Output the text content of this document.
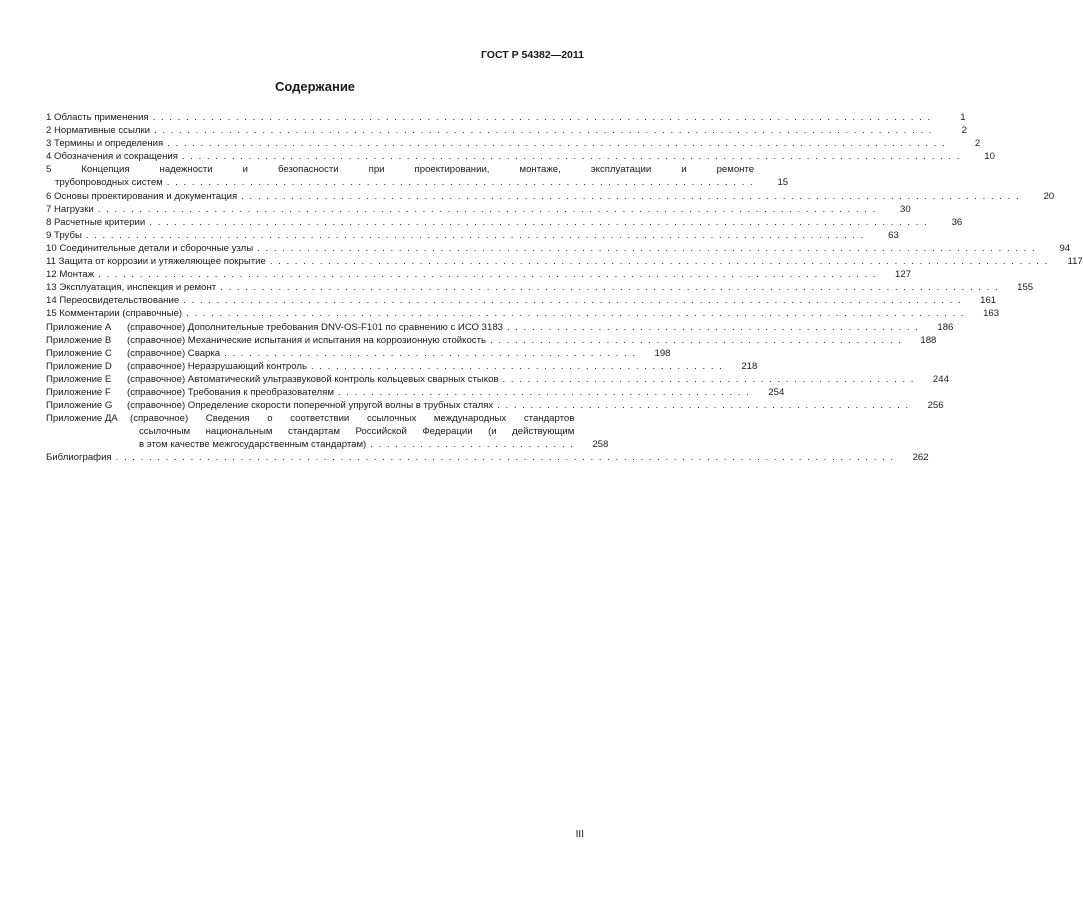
ГОСТ Р 54382—2011
Содержание
1 Область применения . . .	1
2 Нормативные ссылки . . .	2
3 Термины и определения . . .	2
4 Обозначения и сокращения . . .	10
5 Концепция надежности и безопасности при проектировании, монтаже, эксплуатации и ремонте
трубопроводных систем . . .	15
6 Основы проектирования и документация . . .	20
7 Нагрузки . . .	30
8 Расчетные критерии . . .	36
9 Трубы . . .	63
10 Соединительные детали и сборочные узлы . . .	94
11 Защита от коррозии и утяжеляющее покрытие . . .	117
12 Монтаж . . .	127
13 Эксплуатация, инспекция и ремонт . . .	155
14 Переосвидетельствование . . .	161
15 Комментарии (справочные) . . .	163
Приложение А	(справочное) Дополнительные требования DNV-OS-F101 по сравнению с ИСО 3183 . . .	186
Приложение В	(справочное) Механические испытания и испытания на коррозионную стойкость . . .	188
Приложение С	(справочное) Сварка . . .	198
Приложение D	(справочное) Неразрушающий контроль . . .	218
Приложение Е	(справочное) Автоматический ультразвуковой контроль кольцевых сварных стыков . . .	244
Приложение F	(справочное) Требования к преобразователям . . .	254
Приложение G	(справочное) Определение скорости поперечной упругой волны в трубных сталях . . .	256
Приложение ДА	(справочное) Сведения о соответствии ссылочных международных стандартов
ссылочным национальным стандартам Российской Федерации (и действующим
в этом качестве межгосударственным стандартам) . . .	258
Библиография . . .	262
III
